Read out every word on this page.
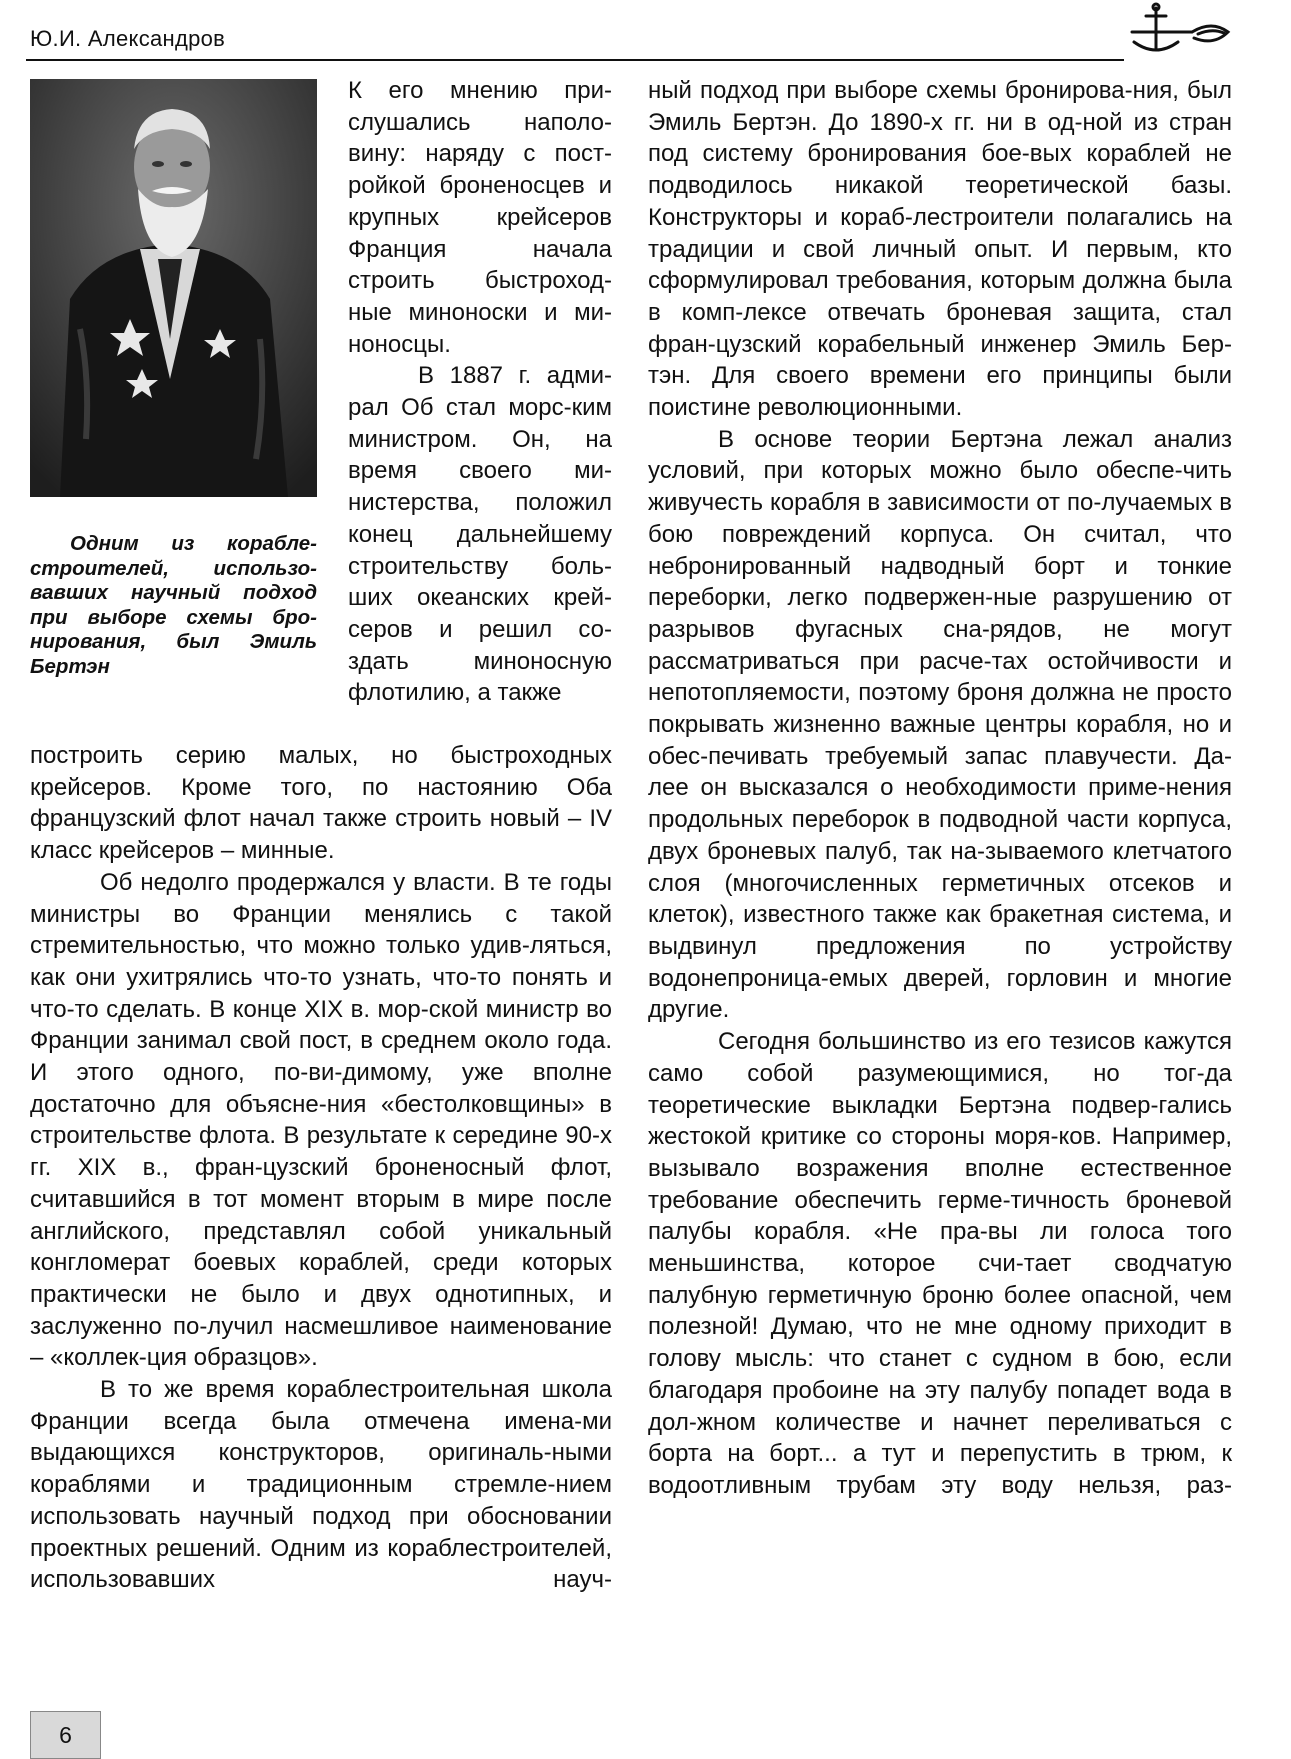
Ю.И. Александров
Одним из корабле-строителей, использо-вавших научный подход при выборе схемы бро-нирования, был Эмиль Бертэн

К его мнению при-слушались наполо-вину: наряду с пост-ройкой броненосцев и крупных крейсеров Франция начала строить быстроход-ные миноноски и ми-ноносцы.

В 1887 г. адми-рал Об стал морс-ким министром. Он, на время своего ми-нистерства, положил конец дальнейшему строительству боль-ших океанских крей-серов и решил со-здать миноносную флотилию, а также

построить серию малых, но быстроходных крейсеров. Кроме того, по настоянию Оба французский флот начал также строить новый – IV класс крейсеров – минные.

Об недолго продержался у власти. В те годы министры во Франции менялись с такой стремительностью, что можно только удив-ляться, как они ухитрялись что-то узнать, что-то понять и что-то сделать. В конце XIX в. мор-ской министр во Франции занимал свой пост, в среднем около года. И этого одного, по-ви-димому, уже вполне достаточно для объясне-ния «бестолковщины» в строительстве флота. В результате к середине 90-х гг. XIX в., фран-цузский броненосный флот, считавшийся в тот момент вторым в мире после английского, представлял собой уникальный конгломерат боевых кораблей, среди которых практически не было и двух однотипных, и заслуженно по-лучил насмешливое наименование – «коллек-ция образцов».

В то же время кораблестроительная школа Франции всегда была отмечена имена-ми выдающихся конструкторов, оригиналь-ными кораблями и традиционным стремле-нием использовать научный подход при обосновании проектных решений. Одним из кораблестроителей, использовавших науч-

ный подход при выборе схемы бронирова-ния, был Эмиль Бертэн. До 1890-х гг. ни в од-ной из стран под систему бронирования бое-вых кораблей не подводилось никакой теоретической базы. Конструкторы и кораб-лестроители полагались на традиции и свой личный опыт. И первым, кто сформулировал требования, которым должна была в комп-лексе отвечать броневая защита, стал фран-цузский корабельный инженер Эмиль Бер-тэн. Для своего времени его принципы были поистине революционными.

В основе теории Бертэна лежал анализ условий, при которых можно было обеспе-чить живучесть корабля в зависимости от по-лучаемых в бою повреждений корпуса. Он считал, что небронированный надводный борт и тонкие переборки, легко подвержен-ные разрушению от разрывов фугасных сна-рядов, не могут рассматриваться при расче-тах остойчивости и непотопляемости, поэтому броня должна не просто покрывать жизненно важные центры корабля, но и обес-печивать требуемый запас плавучести. Да-лее он высказался о необходимости приме-нения продольных переборок в подводной части корпуса, двух броневых палуб, так на-зываемого клетчатого слоя (многочисленных герметичных отсеков и клеток), известного также как бракетная система, и выдвинул предложения по устройству водонепроница-емых дверей, горловин и многие другие.

Сегодня большинство из его тезисов кажутся само собой разумеющимися, но тог-да теоретические выкладки Бертэна подвер-гались жестокой критике со стороны моря-ков. Например, вызывало возражения вполне естественное требование обеспечить герме-тичность броневой палубы корабля. «Не пра-вы ли голоса того меньшинства, которое счи-тает сводчатую палубную герметичную броню более опасной, чем полезной! Думаю, что не мне одному приходит в голову мысль: что станет с судном в бою, если благодаря пробоине на эту палубу попадет вода в дол-жном количестве и начнет переливаться с борта на борт... а тут и перепустить в трюм, к водоотливным трубам эту воду нельзя, раз-

6
